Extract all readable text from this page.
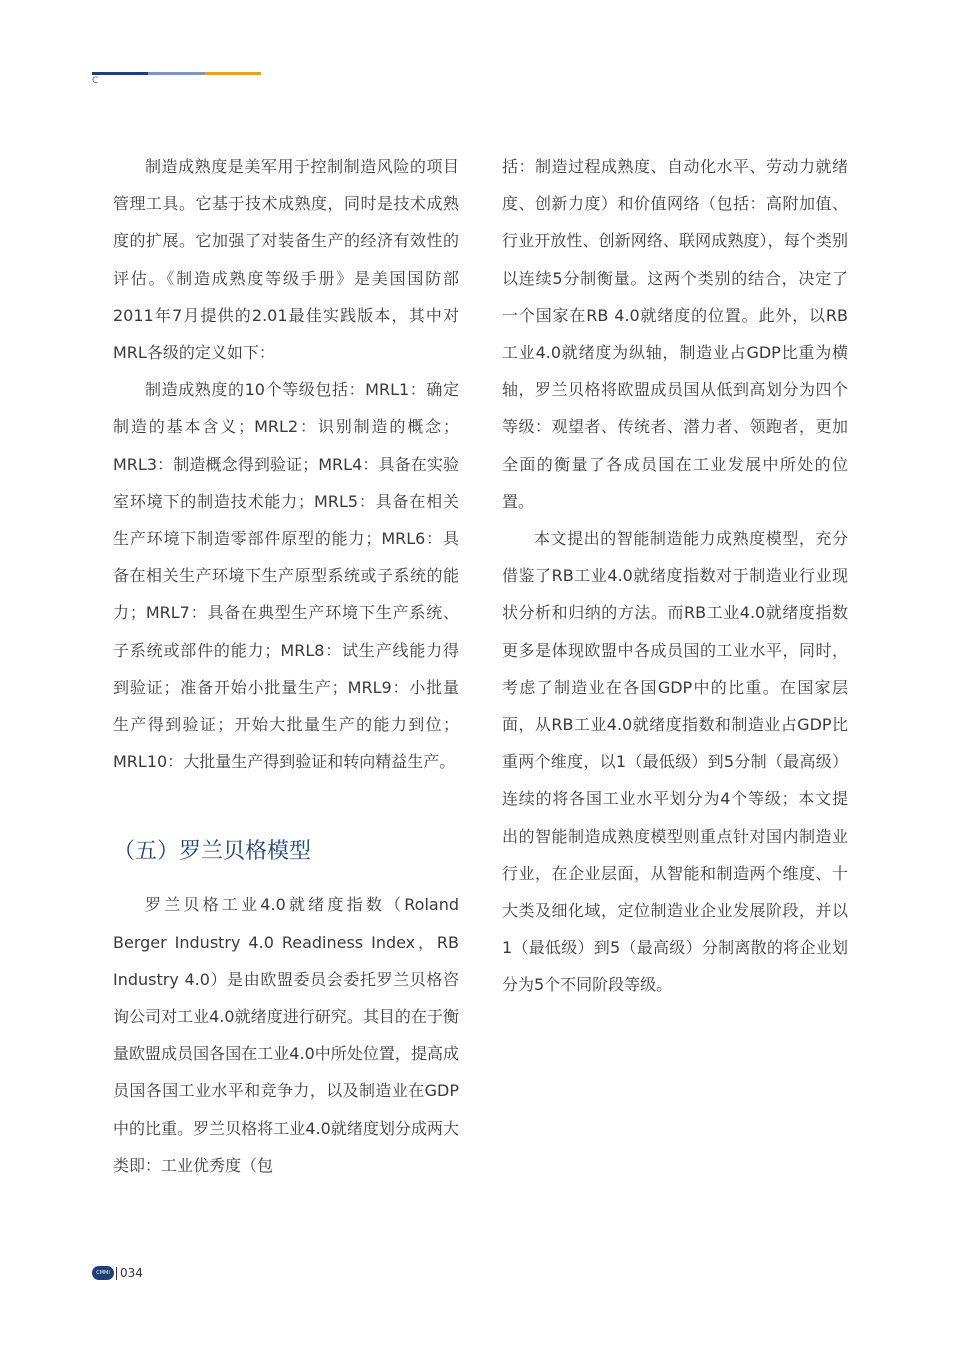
C

制造成熟度是美军用于控制制造风险的项目管理工具。它基于技术成熟度，同时是技术成熟度的扩展。它加强了对装备生产的经济有效性的评估。《制造成熟度等级手册》是美国国防部2011年7月提供的2.01最佳实践版本，其中对MRL各级的定义如下：

制造成熟度的10个等级包括：MRL1：确定制造的基本含义；MRL2：识别制造的概念；MRL3：制造概念得到验证；MRL4：具备在实验室环境下的制造技术能力；MRL5：具备在相关生产环境下制造零部件原型的能力；MRL6：具备在相关生产环境下生产原型系统或子系统的能力；MRL7：具备在典型生产环境下生产系统、子系统或部件的能力；MRL8：试生产线能力得到验证；准备开始小批量生产；MRL9：小批量生产得到验证；开始大批量生产的能力到位；MRL10：大批量生产得到验证和转向精益生产。

（五）罗兰贝格模型

罗兰贝格工业4.0就绪度指数（Roland Berger Industry 4.0 Readiness Index，RB Industry 4.0）是由欧盟委员会委托罗兰贝格咨询公司对工业4.0就绪度进行研究。其目的在于衡量欧盟成员国各国在工业4.0中所处位置，提高成员国各国工业水平和竞争力，以及制造业在GDP中的比重。罗兰贝格将工业4.0就绪度划分成两大类即：工业优秀度（包

括：制造过程成熟度、自动化水平、劳动力就绪度、创新力度）和价值网络（包括：高附加值、行业开放性、创新网络、联网成熟度），每个类别以连续5分制衡量。这两个类别的结合，决定了一个国家在RB 4.0就绪度的位置。此外，以RB工业4.0就绪度为纵轴，制造业占GDP比重为横轴，罗兰贝格将欧盟成员国从低到高划分为四个等级：观望者、传统者、潜力者、领跑者，更加全面的衡量了各成员国在工业发展中所处的位置。

本文提出的智能制造能力成熟度模型，充分借鉴了RB工业4.0就绪度指数对于制造业行业现状分析和归纳的方法。而RB工业4.0就绪度指数更多是体现欧盟中各成员国的工业水平，同时，考虑了制造业在各国GDP中的比重。在国家层面，从RB工业4.0就绪度指数和制造业占GDP比重两个维度，以1（最低级）到5分制（最高级）连续的将各国工业水平划分为4个等级；本文提出的智能制造成熟度模型则重点针对国内制造业行业，在企业层面，从智能和制造两个维度、十大类及细化域，定位制造业企业发展阶段，并以1（最低级）到5（最高级）分制离散的将企业划分为5个不同阶段等级。

CMMI 034
